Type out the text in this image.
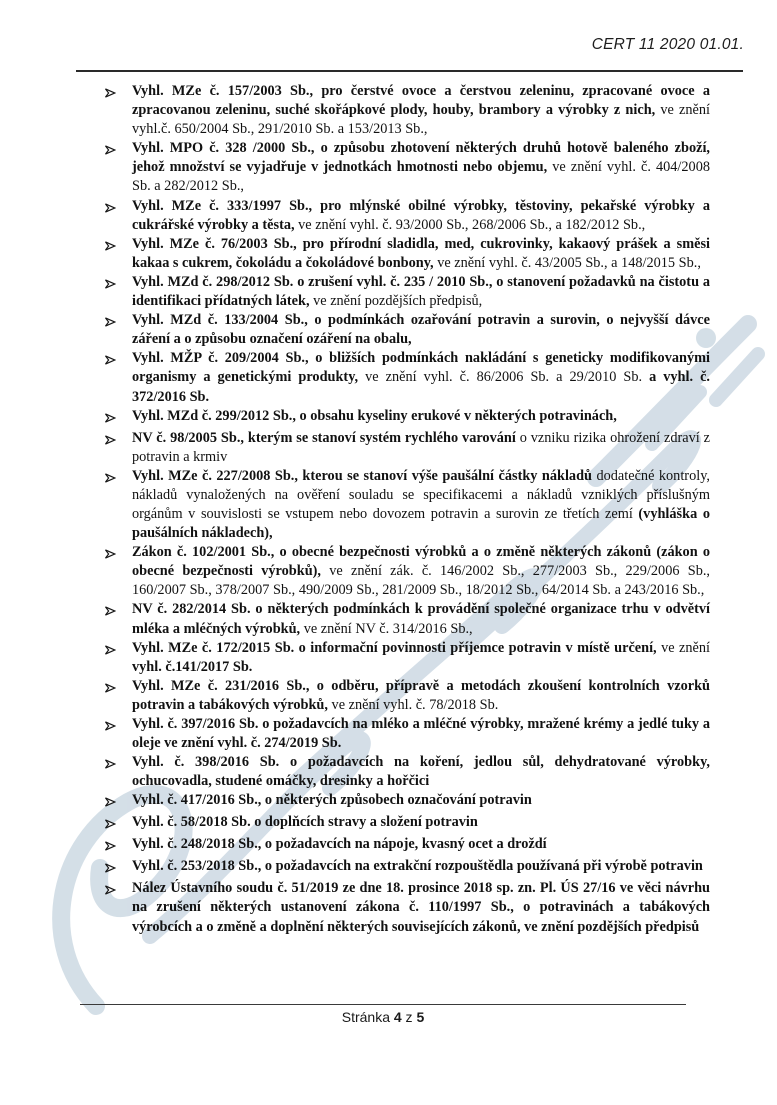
CERT 11 2020 01.01.

Vyhl. MZe č. 157/2003 Sb., pro čerstvé ovoce a čerstvou zeleninu, zpracované ovoce a zpracovanou zeleninu, suché skořápkové plody, houby, brambory a výrobky z nich, ve znění vyhl.č. 650/2004 Sb., 291/2010 Sb. a 153/2013 Sb.,

Vyhl. MPO č. 328 /2000 Sb., o způsobu zhotovení některých druhů hotově baleného zboží, jehož množství se vyjadřuje v jednotkách hmotnosti nebo objemu, ve znění vyhl. č. 404/2008 Sb. a 282/2012 Sb.,

Vyhl. MZe č. 333/1997 Sb., pro mlýnské obilné výrobky, těstoviny, pekařské výrobky a cukrářské výrobky a těsta, ve znění vyhl. č. 93/2000 Sb., 268/2006 Sb., a 182/2012 Sb.,

Vyhl. MZe č. 76/2003 Sb., pro přírodní sladidla, med, cukrovinky, kakaový prášek a směsi kakaa s cukrem, čokoládu a čokoládové bonbony, ve znění vyhl. č. 43/2005 Sb., a 148/2015 Sb.,

Vyhl. MZd č. 298/2012 Sb. o zrušení vyhl. č. 235 / 2010 Sb., o stanovení požadavků na čistotu a identifikaci přídatných látek, ve znění pozdějších předpisů,

Vyhl. MZd č. 133/2004 Sb., o podmínkách ozařování potravin a surovin, o nejvyšší dávce záření a o způsobu označení ozáření na obalu,

Vyhl. MŽP č. 209/2004 Sb., o bližších podmínkách nakládání s geneticky modifikovanými organismy a genetickými produkty, ve znění vyhl. č. 86/2006 Sb. a 29/2010 Sb. a vyhl. č. 372/2016 Sb.

Vyhl. MZd č. 299/2012 Sb., o obsahu kyseliny erukové v některých potravinách,

NV č. 98/2005 Sb., kterým se stanoví systém rychlého varování o vzniku rizika ohrožení zdraví z potravin a krmiv

Vyhl. MZe č. 227/2008 Sb., kterou se stanoví výše paušální částky nákladů dodatečné kontroly, nákladů vynaložených na ověření souladu se specifikacemi a nákladů vzniklých příslušným orgánům v souvislosti se vstupem nebo dovozem potravin a surovin ze třetích zemí (vyhláška o paušálních nákladech),

Zákon č. 102/2001 Sb., o obecné bezpečnosti výrobků a o změně některých zákonů (zákon o obecné bezpečnosti výrobků), ve znění zák. č. 146/2002 Sb., 277/2003 Sb., 229/2006 Sb., 160/2007 Sb., 378/2007 Sb., 490/2009 Sb., 281/2009 Sb., 18/2012 Sb., 64/2014 Sb. a 243/2016 Sb.,

NV č. 282/2014 Sb. o některých podmínkách k provádění společné organizace trhu v odvětví mléka a mléčných výrobků, ve znění NV č. 314/2016 Sb.,

Vyhl. MZe č. 172/2015 Sb. o informační povinnosti příjemce potravin v místě určení, ve znění vyhl. č.141/2017 Sb.

Vyhl. MZe č. 231/2016 Sb., o odběru, přípravě a metodách zkoušení kontrolních vzorků potravin a tabákových výrobků, ve znění vyhl. č. 78/2018 Sb.

Vyhl. č. 397/2016 Sb. o požadavcích na mléko a mléčné výrobky, mražené krémy a jedlé tuky a oleje ve znění vyhl. č. 274/2019 Sb.

Vyhl. č. 398/2016 Sb. o požadavcích na koření, jedlou sůl, dehydratované výrobky, ochucovadla, studené omáčky, dresinky a hořčici

Vyhl. č. 417/2016 Sb., o některých způsobech označování potravin

Vyhl. č. 58/2018 Sb. o doplňcích stravy a složení potravin

Vyhl. č. 248/2018 Sb., o požadavcích na nápoje, kvasný ocet a droždí

Vyhl. č. 253/2018 Sb., o požadavcích na extrakční rozpouštědla používaná při výrobě potravin

Nález Ústavního soudu č. 51/2019 ze dne 18. prosince 2018 sp. zn. Pl. ÚS 27/16 ve věci návrhu na zrušení některých ustanovení zákona č. 110/1997 Sb., o potravinách a tabákových výrobcích a o změně a doplnění některých souvisejících zákonů, ve znění pozdějších předpisů

Stránka 4 z 5
